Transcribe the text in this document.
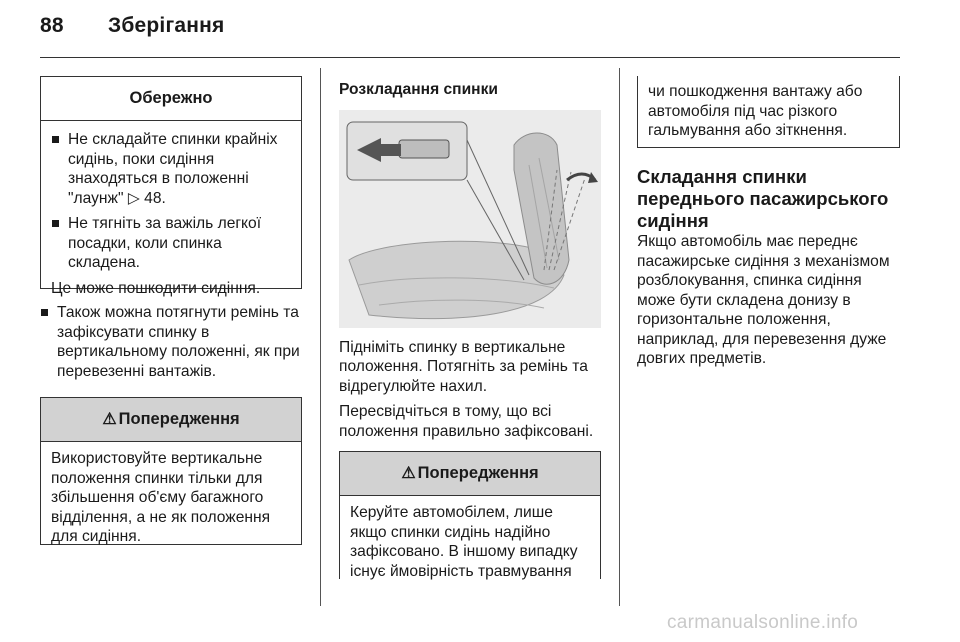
88 Зберігання
Обережно
Не складайте спинки крайніх сидінь, поки сидіння знаходяться в положенні "лаунж" ▷ 48.
Не тягніть за важіль легкої посадки, коли спинка складена.

Це може пошкодити сидіння.

Також можна потягнути ремінь та зафіксувати спинку в вертикальному положенні, як при перевезенні вантажів.
⚠ Попередження

Використовуйте вертикальне положення спинки тільки для збільшення об'єму багажного відділення, а не як положення для сидіння.

Розкладання спинки

Підніміть спинку в вертикальне положення. Потягніть за ремінь та відрегулюйте нахил.

Пересвідчіться в тому, що всі положення правильно зафіксовані.

⚠ Попередження

Керуйте автомобілем, лише якщо спинки сидінь надійно зафіксовано. В іншому випадку існує ймовірність травмування

чи пошкодження вантажу або автомобіля під час різкого гальмування або зіткнення.

Складання спинки переднього пасажирського сидіння

Якщо автомобіль має переднє пасажирське сидіння з механізмом розблокування, спинка сидіння може бути складена донизу в горизонтальне положення, наприклад, для перевезення дуже довгих предметів.

carmanualsonline.info
